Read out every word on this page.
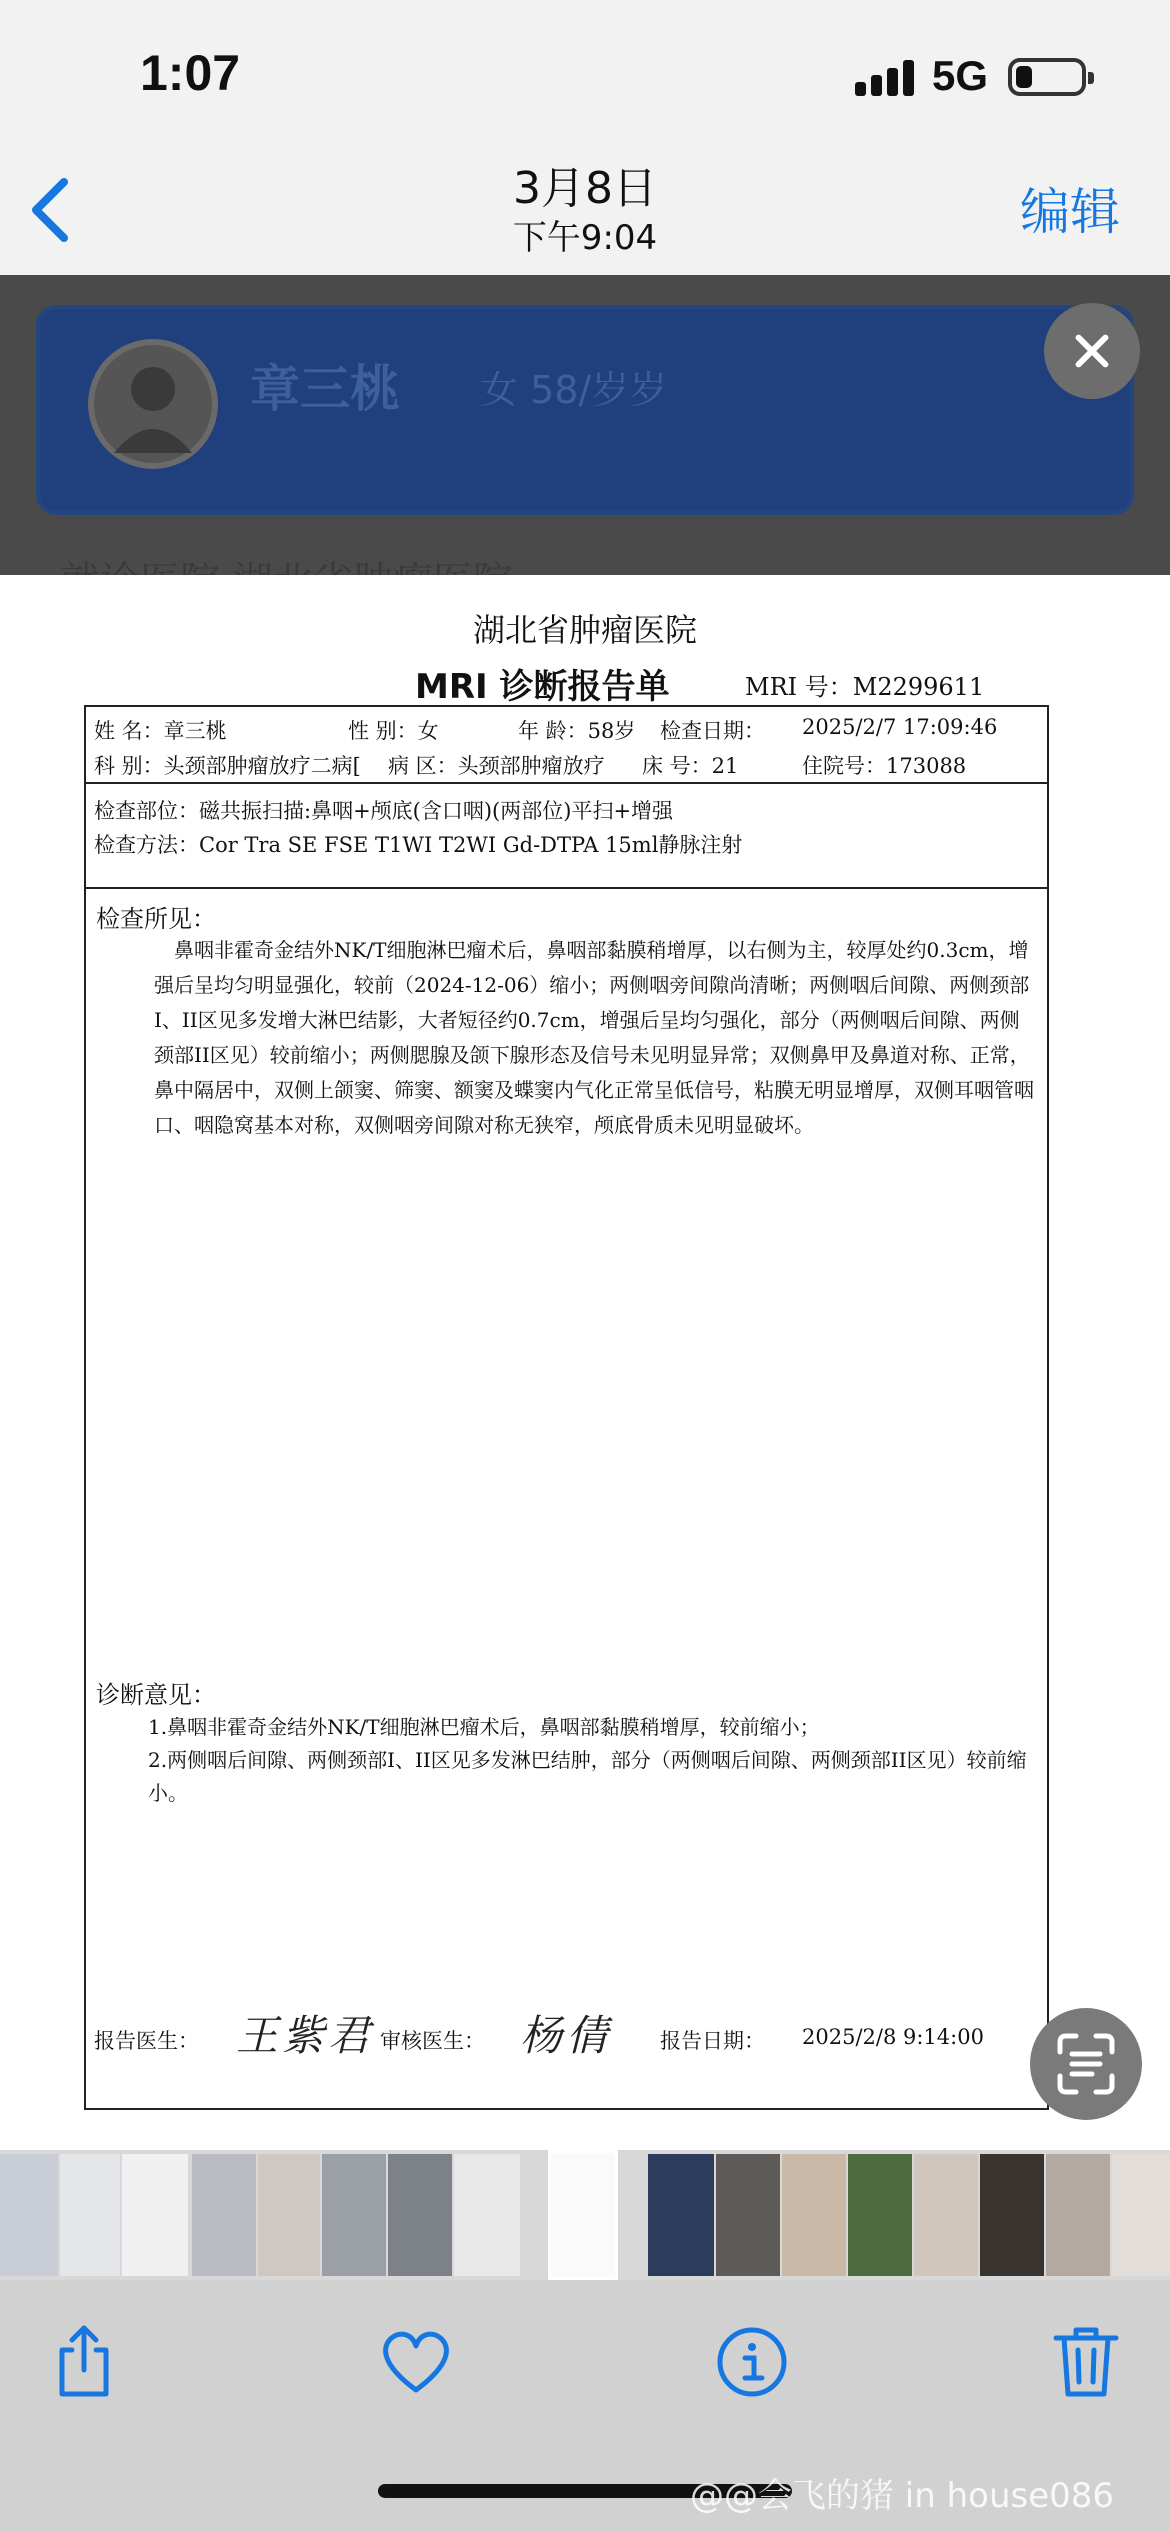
1:07	5G
3月8日
下午9:04	编辑
章三桃 女 58/岁岁
湖北省肿瘤医院
MRI 诊断报告单	MRI 号：M2299611
姓 名：章三桃	性 别：女	年 龄：58岁 检查日期： 2025/2/7 17:09:46
科 别：头颈部肿瘤放疗二病[ 病 区：头颈部肿瘤放疗 床 号：21	住院号：173088
检查部位：磁共振扫描:鼻咽+颅底(含口咽)(两部位)平扫+增强
检查方法：Cor Tra SE FSE T1WI T2WI Gd-DTPA 15ml静脉注射
检查所见：
鼻咽非霍奇金结外NK/T细胞淋巴瘤术后，鼻咽部黏膜稍增厚，以右侧为主，较厚处约0.3cm，增强后呈均匀明显强化，较前（2024-12-06）缩小；两侧咽旁间隙尚清晰；两侧咽后间隙、两侧颈部I、II区见多发增大淋巴结影，大者短径约0.7cm，增强后呈均匀强化，部分（两侧咽后间隙、两侧颈部II区见）较前缩小；两侧腮腺及颌下腺形态及信号未见明显异常；双侧鼻甲及鼻道对称、正常，鼻中隔居中，双侧上颌窦、筛窦、额窦及蝶窦内气化正常呈低信号，粘膜无明显增厚，双侧耳咽管咽口、咽隐窝基本对称，双侧咽旁间隙对称无狭窄，颅底骨质未见明显破坏。
诊断意见：
1.鼻咽非霍奇金结外NK/T细胞淋巴瘤术后，鼻咽部黏膜稍增厚，较前缩小；
2.两侧咽后间隙、两侧颈部I、II区见多发淋巴结肿，部分（两侧咽后间隙、两侧颈部II区见）较前缩小。
报告医生： 王紫君 审核医生： 杨倩 报告日期： 2025/2/8 9:14:00
@@会飞的猪 in house086
